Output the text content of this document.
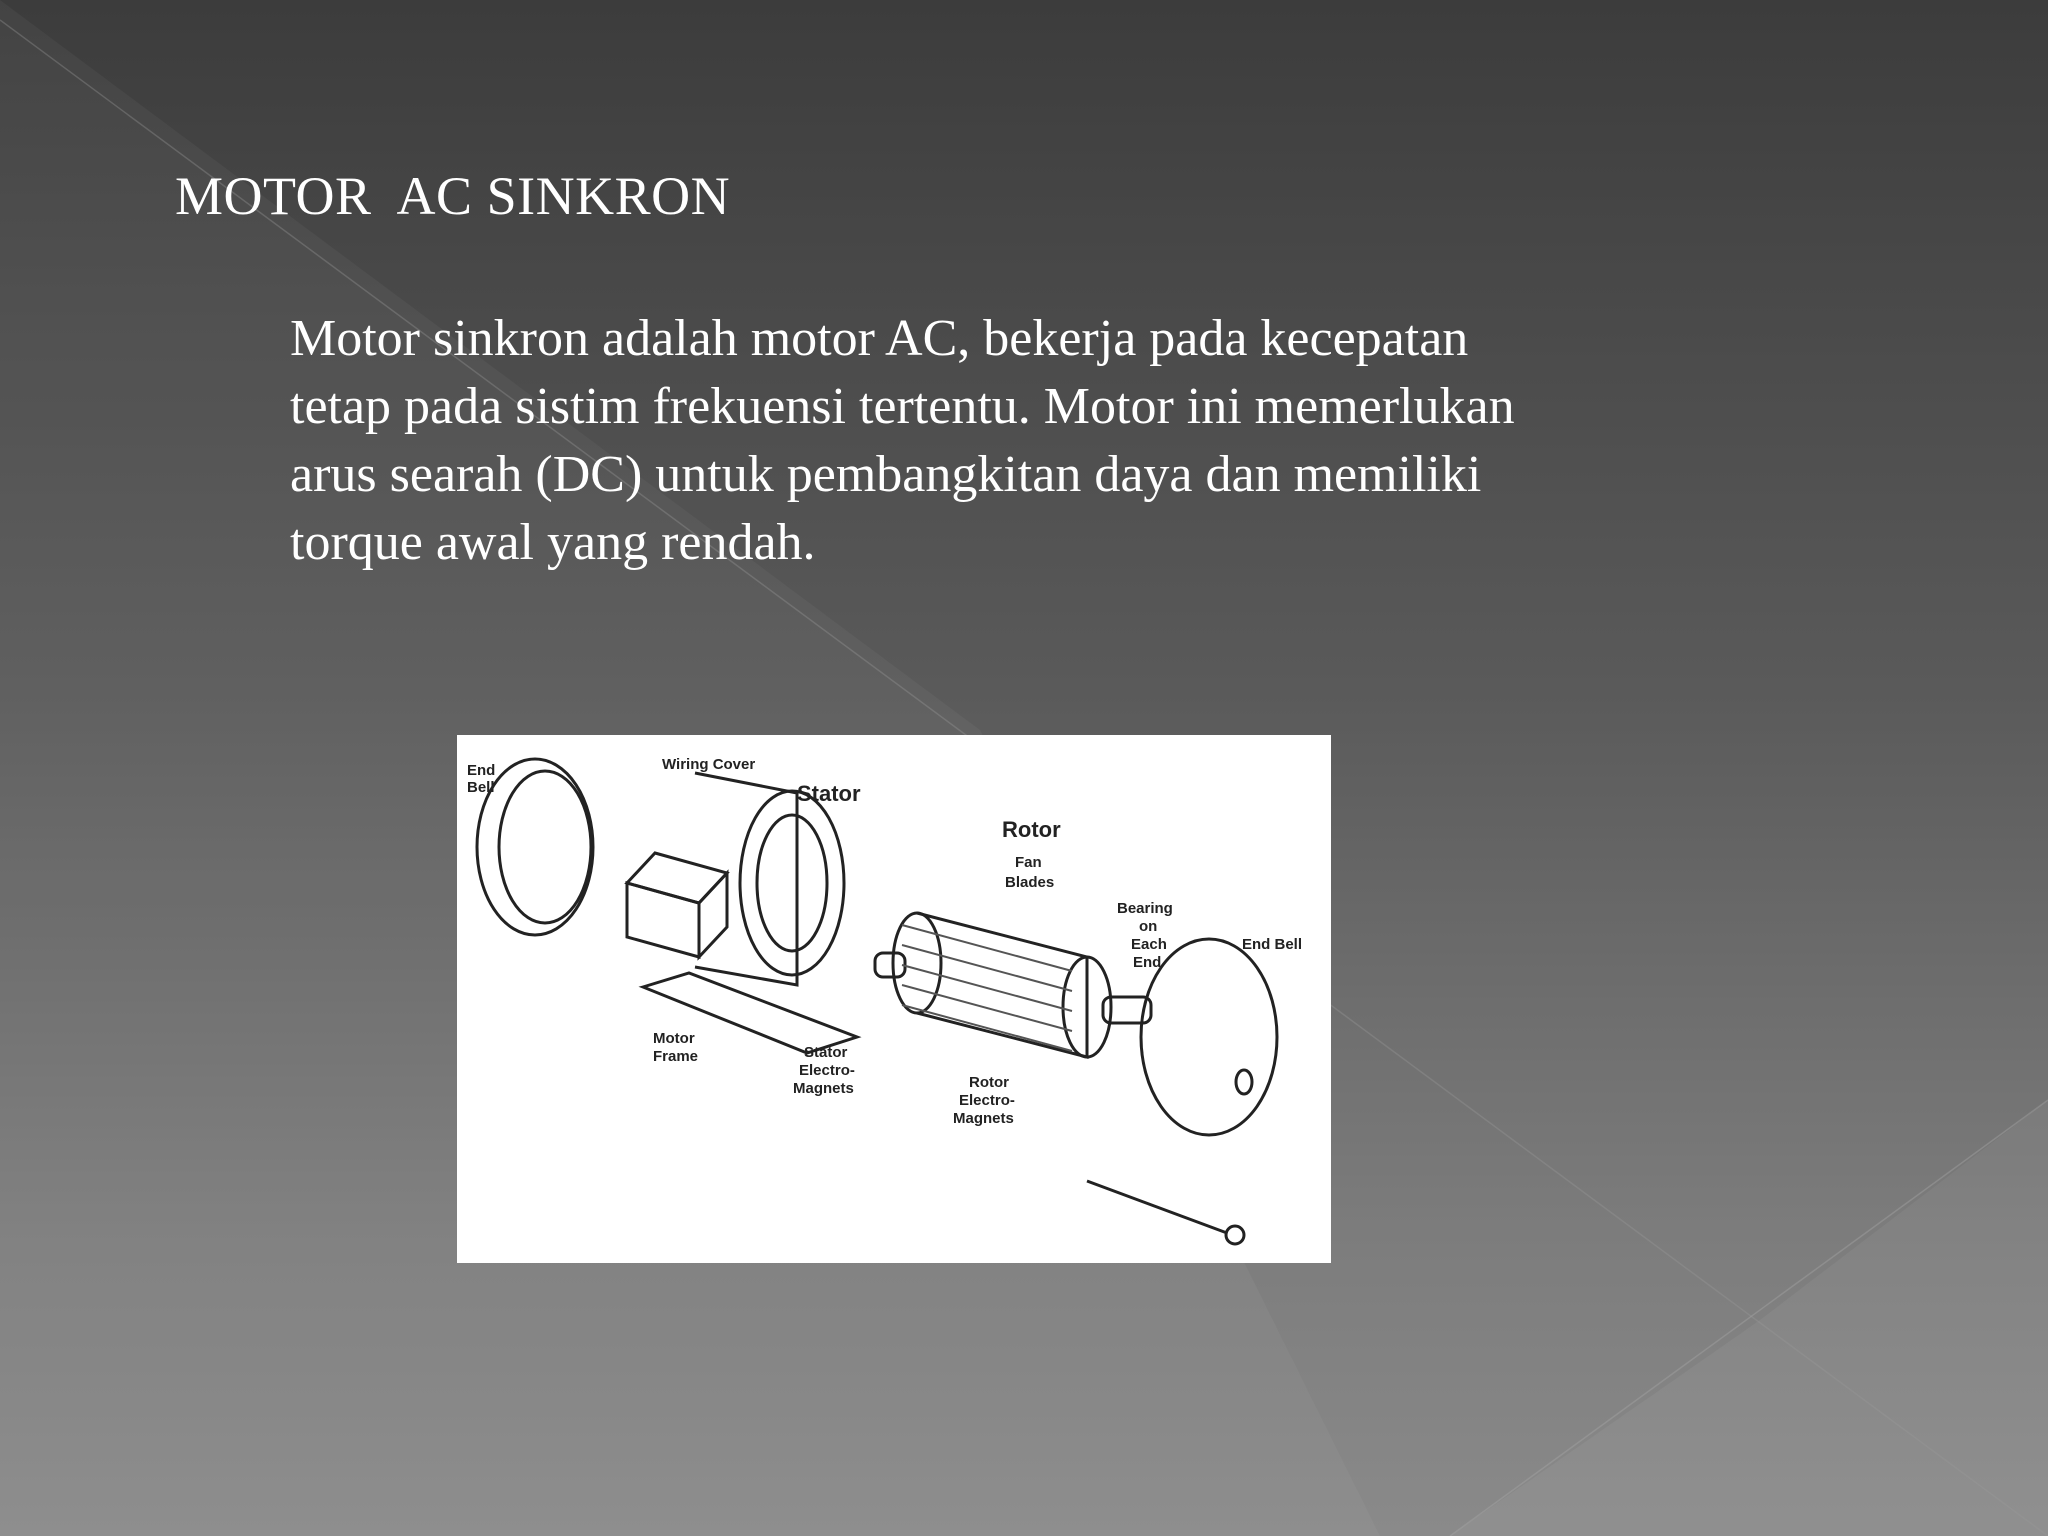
MOTOR  AC SINKRON

Motor sinkron adalah motor AC, bekerja pada kecepatan tetap pada sistim frekuensi tertentu. Motor ini memerlukan arus searah (DC) untuk pembangkitan daya dan memiliki torque awal yang rendah.

End
Bell
Wiring Cover
Stator
Rotor
Fan
Blades
Bearing
on
Each
End
End Bell
Motor
Frame	Stator
Electro-
Magnets	Rotor
Electro-
Magnets
